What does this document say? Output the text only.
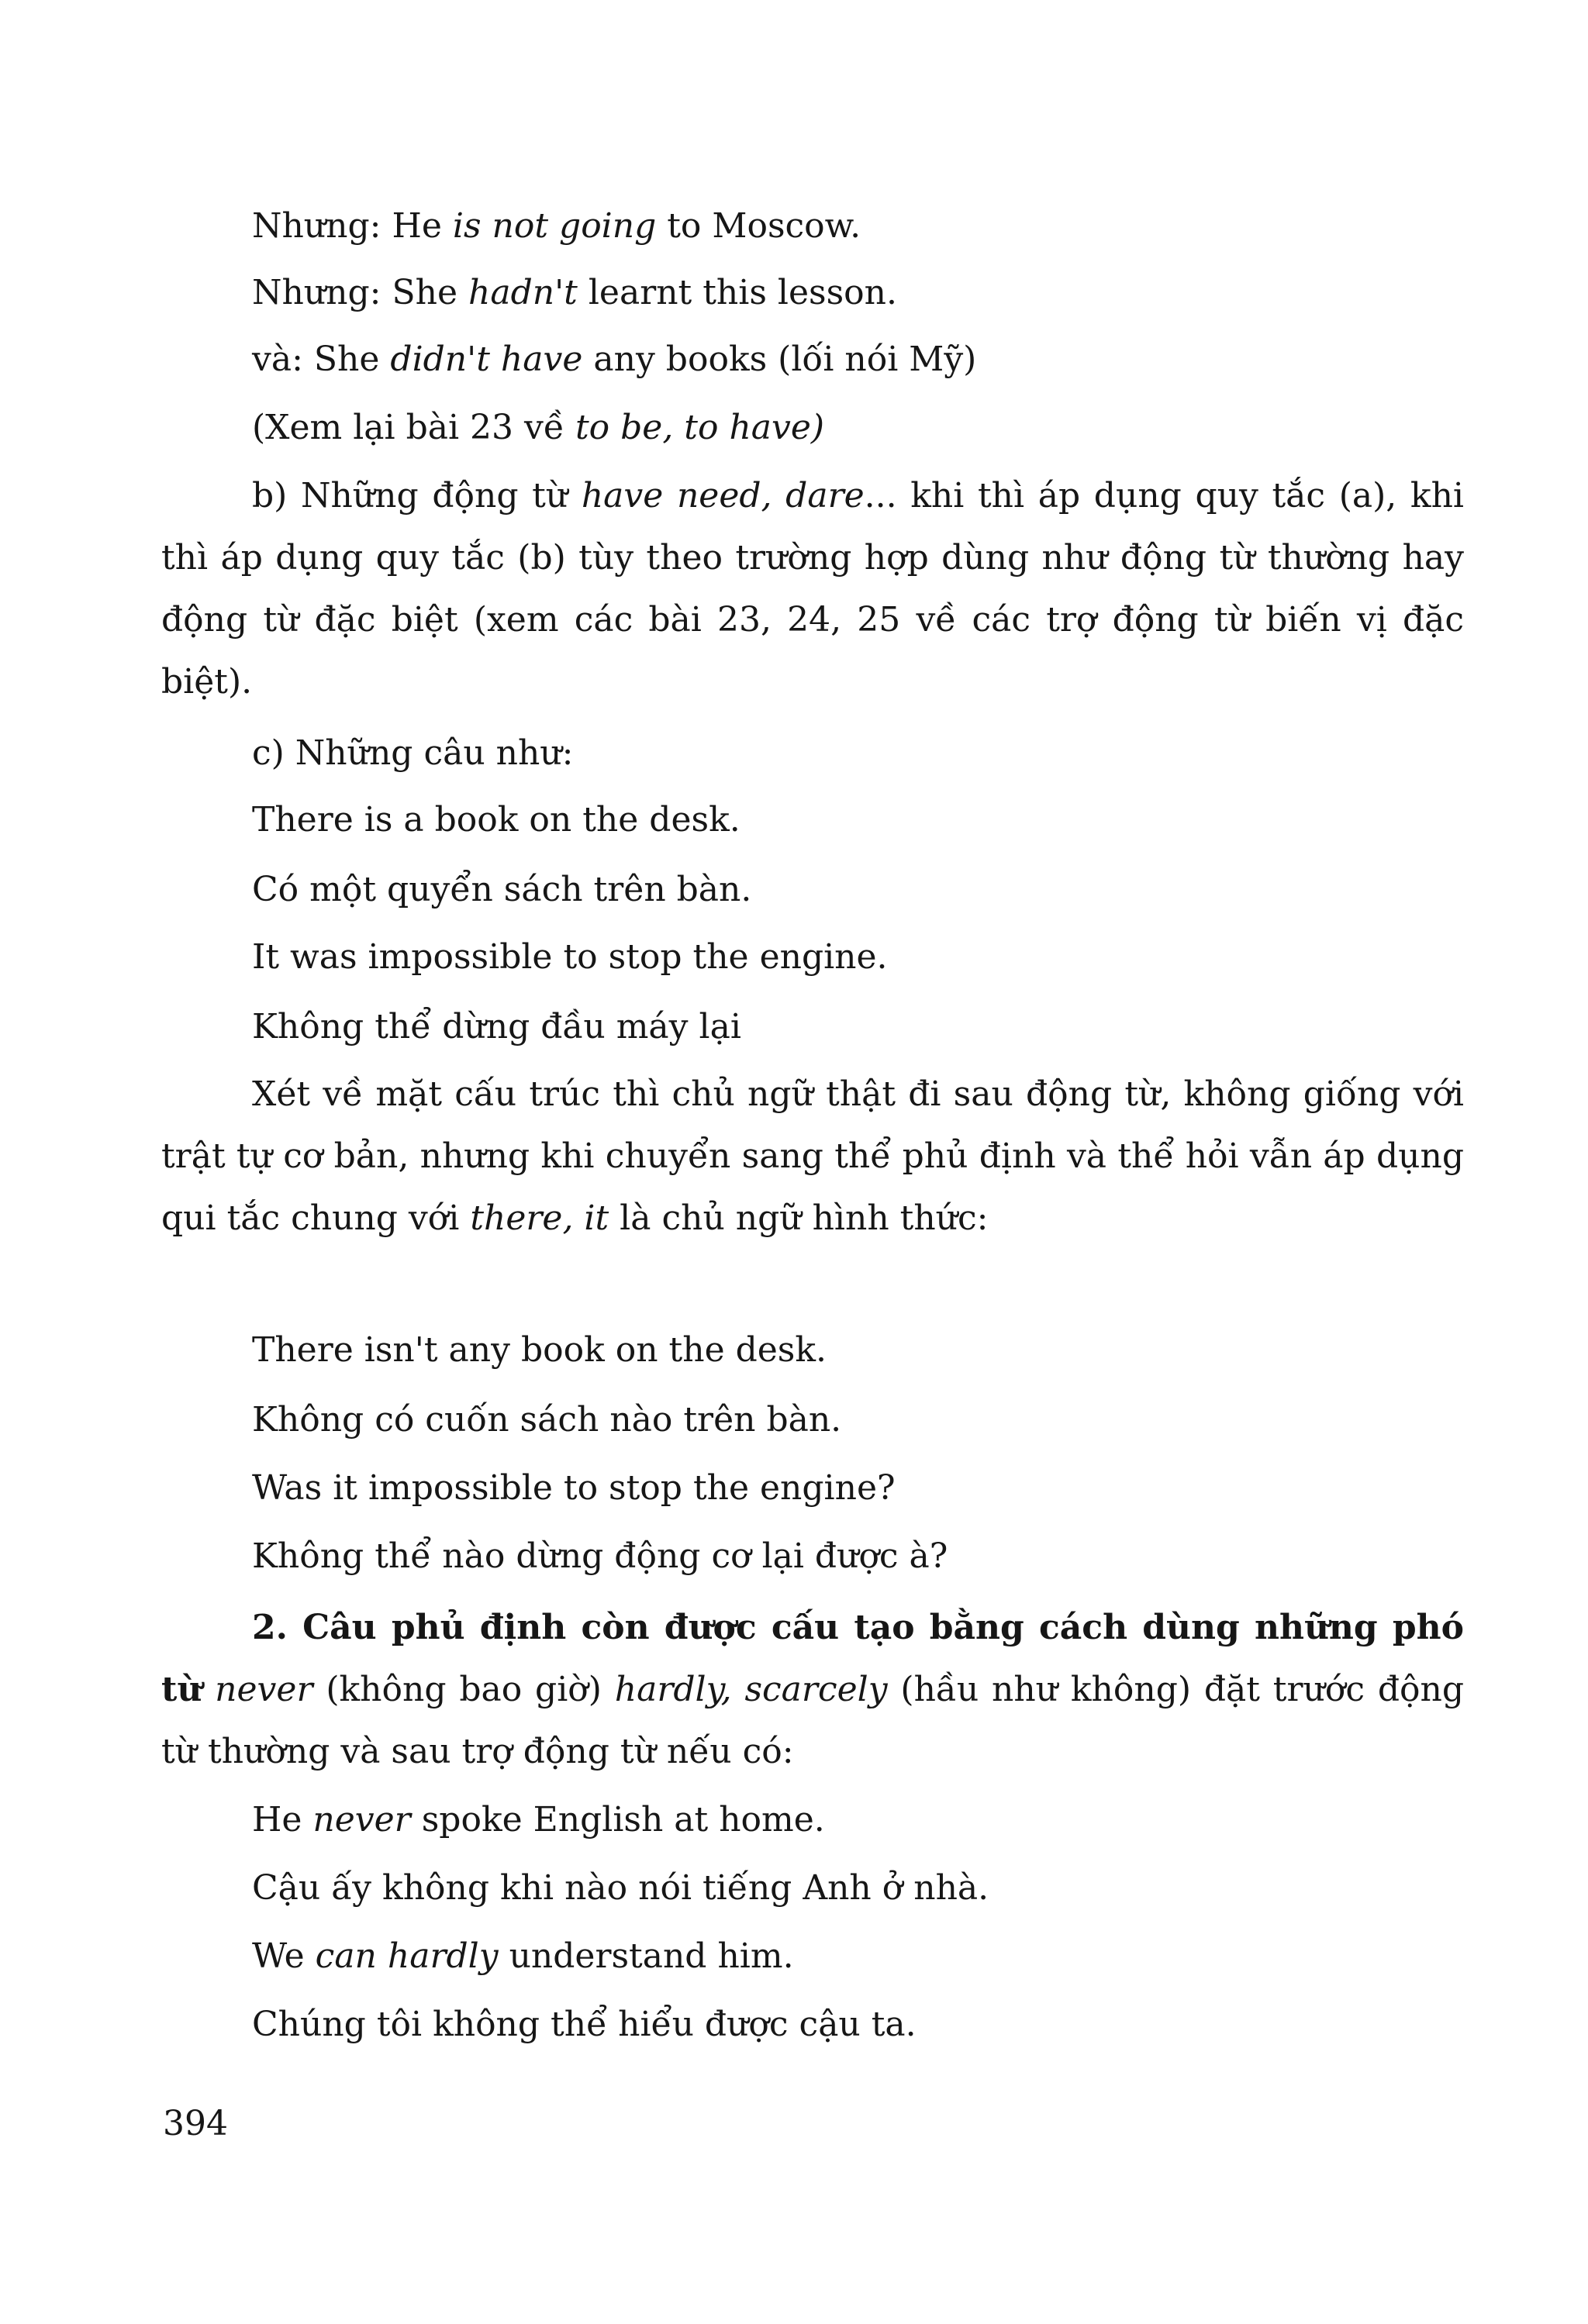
Nhưng: He is not going to Moscow.
Nhưng: She hadn't learnt this lesson.
và: She didn't have any books (lối nói Mỹ)
(Xem lại bài 23 về to be, to have)
b) Những động từ have need, dare... khi thì áp dụng quy tắc (a), khi thì áp dụng quy tắc (b) tùy theo trường hợp dùng như động từ thường hay động từ đặc biệt (xem các bài 23, 24, 25 về các trợ động từ biến vị đặc biệt).
c) Những câu như:
There is a book on the desk.
Có một quyển sách trên bàn.
It was impossible to stop the engine.
Không thể dừng đầu máy lại
Xét về mặt cấu trúc thì chủ ngữ thật đi sau động từ, không giống với trật tự cơ bản, nhưng khi chuyển sang thể phủ định và thể hỏi vẫn áp dụng qui tắc chung với there, it là chủ ngữ hình thức:
There isn't any book on the desk.
Không có cuốn sách nào trên bàn.
Was it impossible to stop the engine?
Không thể nào dừng động cơ lại được à?
2. Câu phủ định còn được cấu tạo bằng cách dùng những phó từ never (không bao giờ) hardly, scarcely (hầu như không) đặt trước động từ thường và sau trợ động từ nếu có:
He never spoke English at home.
Cậu ấy không khi nào nói tiếng Anh ở nhà.
We can hardly understand him.
Chúng tôi không thể hiểu được cậu ta.
394
